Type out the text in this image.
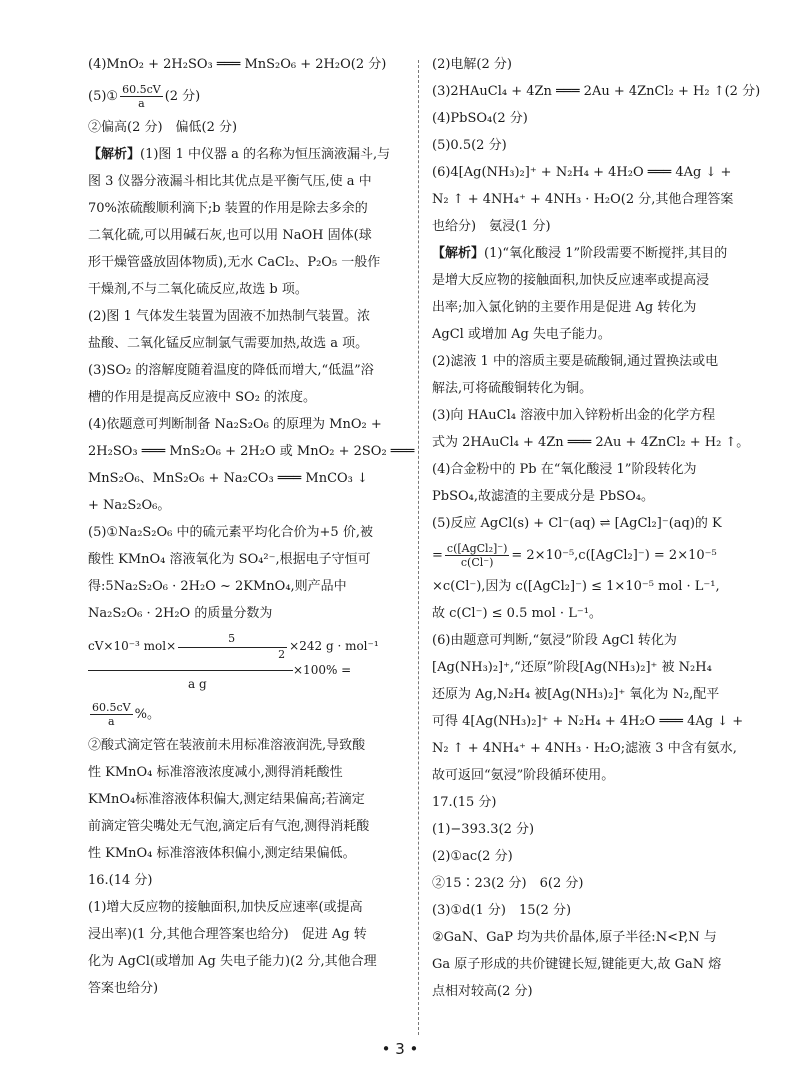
(4)MnO₂ + 2H₂SO₃ ═══ MnS₂O₆ + 2H₂O(2 分)

(5)① $\frac{60.5cV}{a} (2$ 分)

②偏高(2 分)　偏低(2 分)

【解析】(1)图 1 中仪器 a 的名称为恒压滴液漏斗,与

图 3 仪器分液漏斗相比其优点是平衡气压,使 a 中

70%浓硫酸顺利滴下;b 装置的作用是除去多余的

二氧化硫,可以用碱石灰,也可以用 NaOH 固体(球

形干燥管盛放固体物质),无水 CaCl₂、P₂O₅ 一般作

干燥剂,不与二氧化硫反应,故选 b 项。

(2)图 1 气体发生装置为固液不加热制气装置。浓

盐酸、二氧化锰反应制氯气需要加热,故选 a 项。

(3)SO₂ 的溶解度随着温度的降低而增大,“低温”浴

槽的作用是提高反应液中 SO₂ 的浓度。

(4)依题意可判断制备 Na₂S₂O₆ 的原理为 MnO₂ +

2H₂SO₃ ═══ MnS₂O₆ + 2H₂O 或 MnO₂ + 2SO₂ ═══

MnS₂O₆、MnS₂O₆ + Na₂CO₃ ═══ MnCO₃ ↓

+ Na₂S₂O₆。

(5)①Na₂S₂O₆ 中的硫元素平均化合价为+5 价,被

酸性 KMnO₄ 溶液氧化为 SO₄²⁻,根据电子守恒可

得:5Na₂S₂O₆ · 2H₂O ~ 2KMnO₄,则产品中

Na₂S₂O₆ · 2H₂O 的质量分数为

cV×10⁻³ $mol\times \frac{5}{2} \times 242$ g · mol⁻¹
×100% =
a g

$\frac{60.5cV}{a}$ %。

②酸式滴定管在装液前未用标准溶液润洗,导致酸

性 KMnO₄ 标准溶液浓度减小,测得消耗酸性

KMnO₄标准溶液体积偏大,测定结果偏高;若滴定

前滴定管尖嘴处无气泡,滴定后有气泡,测得消耗酸

性 KMnO₄ 标准溶液体积偏小,测定结果偏低。

16.(14 分)

(1)增大反应物的接触面积,加快反应速率(或提高

浸出率)(1 分,其他合理答案也给分)　促进 Ag 转

化为 AgCl(或增加 Ag 失电子能力)(2 分,其他合理

答案也给分)

(2)电解(2 分)

(3)2HAuCl₄ + 4Zn ═══ 2Au + 4ZnCl₂ + H₂ ↑(2 分)

(4)PbSO₄(2 分)

(5)0.5(2 分)

(6)4[Ag(NH₃)₂]⁺ + N₂H₄ + 4H₂O ═══ 4Ag ↓ +

N₂ ↑ + 4NH₄⁺ + 4NH₃ · H₂O(2 分,其他合理答案

也给分)　氨浸(1 分)

【解析】(1)“氧化酸浸 1”阶段需要不断搅拌,其目的

是增大反应物的接触面积,加快反应速率或提高浸

出率;加入氯化钠的主要作用是促进 Ag 转化为

AgCl 或增加 Ag 失电子能力。

(2)滤液 1 中的溶质主要是硫酸铜,通过置换法或电

解法,可将硫酸铜转化为铜。

(3)向 HAuCl₄ 溶液中加入锌粉析出金的化学方程

式为 2HAuCl₄ + 4Zn ═══ 2Au + 4ZnCl₂ + H₂ ↑。

(4)合金粉中的 Pb 在“氧化酸浸 1”阶段转化为

PbSO₄,故滤渣的主要成分是 PbSO₄。

(5)反应 AgCl(s) + Cl⁻(aq) ⇌ [AgCl₂]⁻(aq)的 K

= $\frac{\text{c([AgCl₂]⁻)}}{c(Cl^-)}$ = 2×10⁻⁵,c([AgCl₂]⁻) = 2×10⁻⁵

×c(Cl⁻),因为 c([AgCl₂]⁻) ≤ 1×10⁻⁵ mol · L⁻¹,

故 c(Cl⁻) ≤ 0.5 mol · L⁻¹。

(6)由题意可判断,“氨浸”阶段 AgCl 转化为

[Ag(NH₃)₂]⁺,“还原”阶段[Ag(NH₃)₂]⁺ 被 N₂H₄

还原为 Ag,N₂H₄ 被[Ag(NH₃)₂]⁺ 氧化为 N₂,配平

可得 4[Ag(NH₃)₂]⁺ + N₂H₄ + 4H₂O ═══ 4Ag ↓ +

N₂ ↑ + 4NH₄⁺ + 4NH₃ · H₂O;滤液 3 中含有氨水,

故可返回“氨浸”阶段循环使用。

17.(15 分)

(1)−393.3(2 分)

(2)①ac(2 分)

②15∶23(2 分)　6(2 分)

(3)①d(1 分)　15(2 分)

②GaN、GaP 均为共价晶体,原子半径:N<P,N 与

Ga 原子形成的共价键键长短,键能更大,故 GaN 熔

点相对较高(2 分)

• 3 •
